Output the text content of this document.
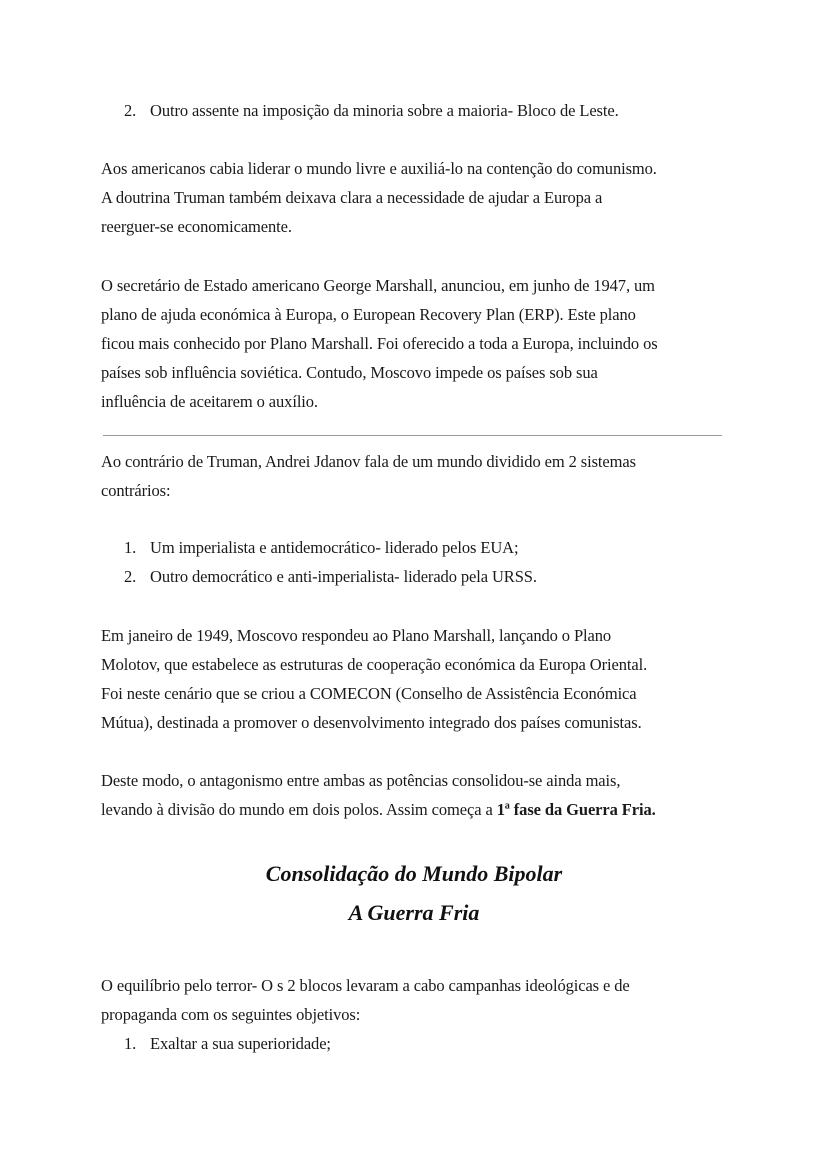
2. Outro assente na imposição da minoria sobre a maioria- Bloco de Leste.
Aos americanos cabia liderar o mundo livre e auxiliá-lo na contenção do comunismo.
A doutrina Truman também deixava clara a necessidade de ajudar a Europa a
reerguer-se economicamente.
O secretário de Estado americano George Marshall, anunciou, em junho de 1947, um
plano de ajuda económica à Europa, o European Recovery Plan (ERP). Este plano
ficou mais conhecido por Plano Marshall. Foi oferecido a toda a Europa, incluindo os
países sob influência soviética. Contudo, Moscovo impede os países sob sua
influência de aceitarem o auxílio.
Ao contrário de Truman, Andrei Jdanov fala de um mundo dividido em 2 sistemas
contrários:
1. Um imperialista e antidemocrático- liderado pelos EUA;
2. Outro democrático e anti-imperialista- liderado pela URSS.
Em janeiro de 1949, Moscovo respondeu ao Plano Marshall, lançando o Plano
Molotov, que estabelece as estruturas de cooperação económica da Europa Oriental.
Foi neste cenário que se criou a COMECON (Conselho de Assistência Económica
Mútua), destinada a promover o desenvolvimento integrado dos países comunistas.
Deste modo, o antagonismo entre ambas as potências consolidou-se ainda mais,
levando à divisão do mundo em dois polos. Assim começa a 1ª fase da Guerra Fria.
Consolidação do Mundo Bipolar
A Guerra Fria
O equilíbrio pelo terror- O s 2 blocos levaram a cabo campanhas ideológicas e de
propaganda com os seguintes objetivos:
1. Exaltar a sua superioridade;
